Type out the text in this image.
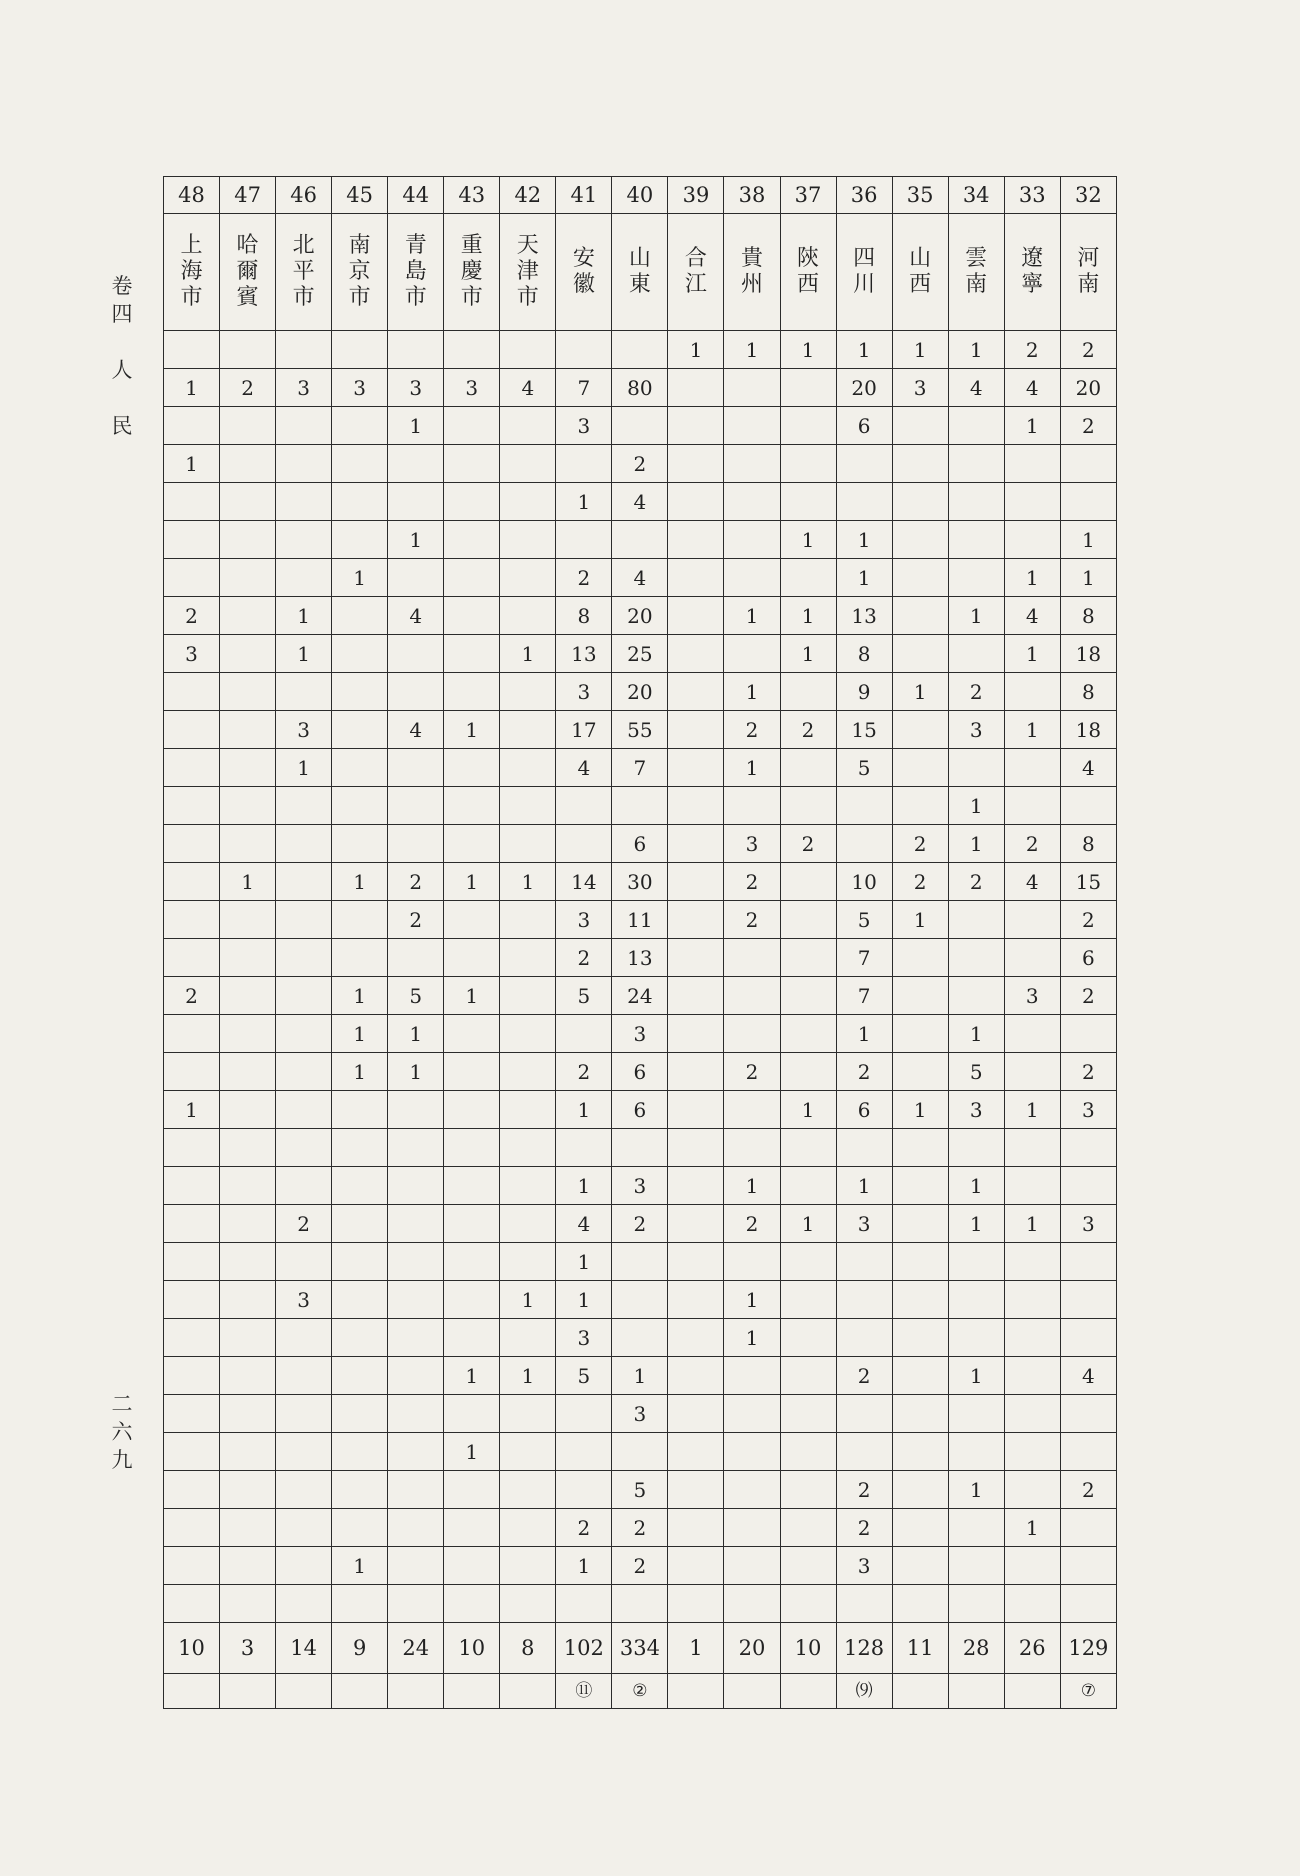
卷
四
人
民
二
六
九
48	47	46	45	44	43	42	41	40	39	38	37	36	35	34	33	32
上海市	哈爾賓	北平市	南京市	青島市	重慶市	天津市	安徽	山東	合江	貴州	陝西	四川	山西	雲南	遼寧	河南
									1	1	1	1	1	1	2	2
1	2	3	3	3	3	4	7	80				20	3	4	4	20
				1			3					6			1	2
1								2								
							1	4								
				1							1	1				1
			1				2	4				1			1	1
2		1		4			8	20		1	1	13		1	4	8
3		1				1	13	25			1	8			1	18
							3	20		1		9	1	2		8
		3		4	1		17	55		2	2	15		3	1	18
		1					4	7		1		5				4
														1		
								6		3	2		2	1	2	8
	1		1	2	1	1	14	30		2		10	2	2	4	15
				2			3	11		2		5	1			2
							2	13				7				6
2			1	5	1		5	24				7			3	2
			1	1				3				1		1		
			1	1			2	6		2		2		5		2
1							1	6			1	6	1	3	1	3

							1	3		1		1		1		
		2					4	2		2	1	3		1	1	3
							1									
		3				1	1			1						
							3			1						
					1	1	5	1				2		1		4
								3								
					1											
								5				2		1		2
							2	2				2			1	
			1				1	2				3				

10	3	14	9	24	10	8	102	334	1	20	10	128	11	28	26	129
							⑪	②				⑼				⑦
